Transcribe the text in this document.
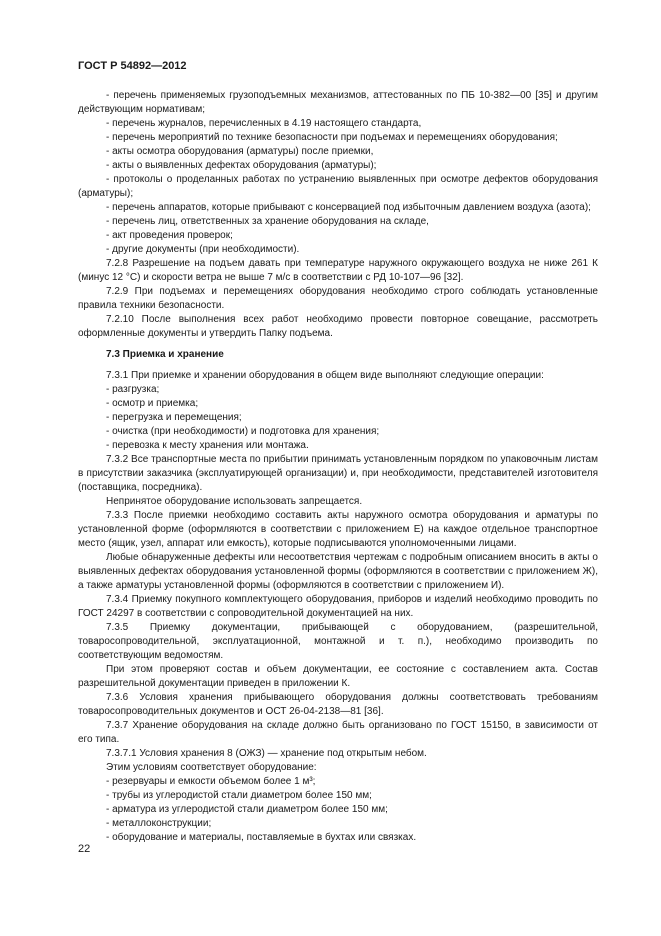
ГОСТ Р 54892—2012

- перечень применяемых грузоподъемных механизмов, аттестованных по ПБ 10-382—00 [35] и другим действующим нормативам;

- перечень журналов, перечисленных в 4.19 настоящего стандарта,

- перечень мероприятий по технике безопасности при подъемах и перемещениях оборудования;

- акты осмотра оборудования (арматуры) после приемки,

- акты о выявленных дефектах оборудования (арматуры);

- протоколы о проделанных работах по устранению выявленных при осмотре дефектов оборудования (арматуры);

- перечень аппаратов, которые прибывают с консервацией под избыточным давлением воздуха (азота);

- перечень лиц, ответственных за хранение оборудования на складе,

- акт проведения проверок;

- другие документы (при необходимости).

7.2.8 Разрешение на подъем давать при температуре наружного окружающего воздуха не ниже 261 К (минус 12 °С) и скорости ветра не выше 7 м/с в соответствии с РД 10-107—96 [32].

7.2.9 При подъемах и перемещениях оборудования необходимо строго соблюдать установленные правила техники безопасности.

7.2.10 После выполнения всех работ необходимо провести повторное совещание, рассмотреть оформленные документы и утвердить Папку подъема.

7.3 Приемка и хранение

7.3.1 При приемке и хранении оборудования в общем виде выполняют следующие операции:

- разгрузка;

- осмотр и приемка;

- перегрузка и перемещения;

- очистка (при необходимости) и подготовка для хранения;

- перевозка к месту хранения или монтажа.

7.3.2 Все транспортные места по прибытии принимать установленным порядком по упаковочным листам в присутствии заказчика (эксплуатирующей организации) и, при необходимости, представителей изготовителя (поставщика, посредника).

Непринятое оборудование использовать запрещается.

7.3.3 После приемки необходимо составить акты наружного осмотра оборудования и арматуры по установленной форме (оформляются в соответствии с приложением Е) на каждое отдельное транспортное место (ящик, узел, аппарат или емкость), которые подписываются уполномоченными лицами.

Любые обнаруженные дефекты или несоответствия чертежам с подробным описанием вносить в акты о выявленных дефектах оборудования установленной формы (оформляются в соответствии с приложением Ж), а также арматуры установленной формы (оформляются в соответствии с приложением И).

7.3.4 Приемку покупного комплектующего оборудования, приборов и изделий необходимо проводить по ГОСТ 24297 в соответствии с сопроводительной документацией на них.

7.3.5 Приемку документации, прибывающей с оборудованием, (разрешительной, товаросопроводительной, эксплуатационной, монтажной и т. п.), необходимо производить по соответствующим ведомостям.

При этом проверяют состав и объем документации, ее состояние с составлением акта. Состав разрешительной документации приведен в приложении К.

7.3.6 Условия хранения прибывающего оборудования должны соответствовать требованиям товаросопроводительных документов и ОСТ 26-04-2138—81 [36].

7.3.7 Хранение оборудования на складе должно быть организовано по ГОСТ 15150, в зависимости от его типа.

7.3.7.1 Условия хранения 8 (ОЖЗ) — хранение под открытым небом.

Этим условиям соответствует оборудование:

- резервуары и емкости объемом более 1 м³;

- трубы из углеродистой стали диаметром более 150 мм;

- арматура из углеродистой стали диаметром более 150 мм;

- металлоконструкции;

- оборудование и материалы, поставляемые в бухтах или связках.

22
